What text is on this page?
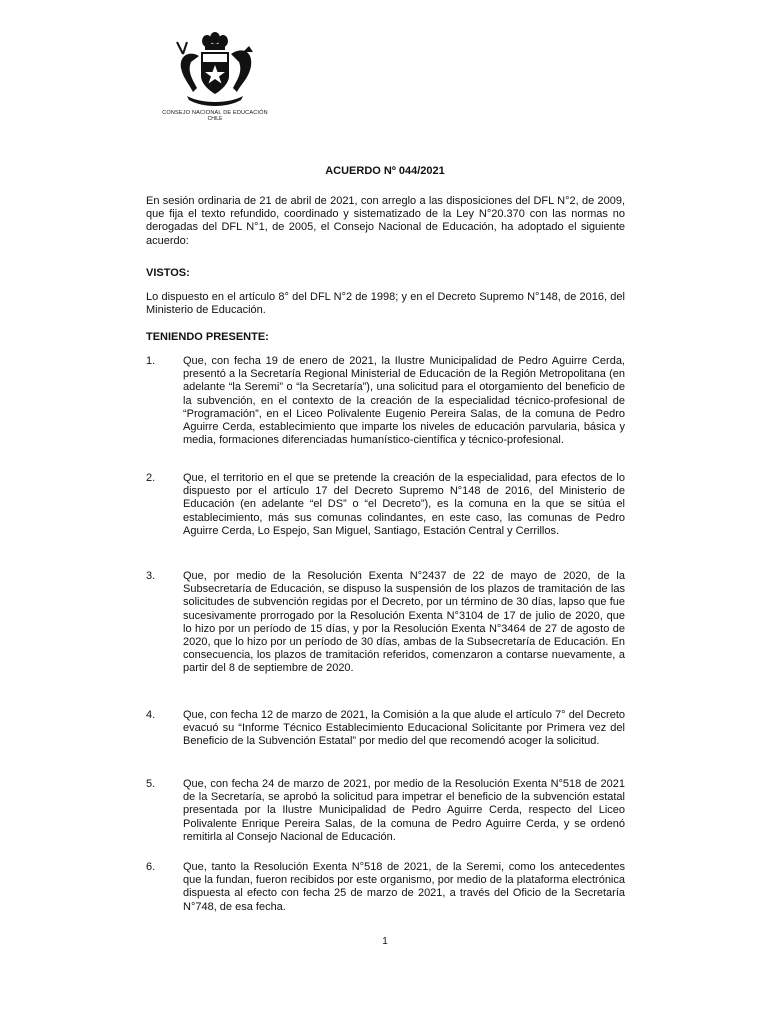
CONSEJO NACIONAL DE EDUCACIÓN
CHILE
ACUERDO Nº 044/2021
En sesión ordinaria de 21 de abril de 2021, con arreglo a las disposiciones del DFL N°2, de 2009, que fija el texto refundido, coordinado y sistematizado de la Ley N°20.370 con las normas no derogadas del DFL N°1, de 2005, el Consejo Nacional de Educación, ha adoptado el siguiente acuerdo:
VISTOS:
Lo dispuesto en el artículo 8° del DFL N°2 de 1998; y en el Decreto Supremo N°148, de 2016, del Ministerio de Educación.
TENIENDO PRESENTE:
1.	Que, con fecha 19 de enero de 2021, la Ilustre Municipalidad de Pedro Aguirre Cerda, presentó a la Secretaría Regional Ministerial de Educación de la Región Metropolitana (en adelante “la Seremi” o “la Secretaría”), una solicitud para el otorgamiento del beneficio de la subvención, en el contexto de la creación de la especialidad técnico-profesional de “Programación”, en el Liceo Polivalente Eugenio Pereira Salas, de la comuna de Pedro Aguirre Cerda, establecimiento que imparte los niveles de educación parvularia, básica y media, formaciones diferenciadas humanístico-científica y técnico-profesional.
2.	Que, el territorio en el que se pretende la creación de la especialidad, para efectos de lo dispuesto por el artículo 17 del Decreto Supremo N°148 de 2016, del Ministerio de Educación (en adelante “el DS” o “el Decreto”), es la comuna en la que se sitúa el establecimiento, más sus comunas colindantes, en este caso, las comunas de Pedro Aguirre Cerda, Lo Espejo, San Miguel, Santiago, Estación Central y Cerrillos.
3.	Que, por medio de la Resolución Exenta N°2437 de 22 de mayo de 2020, de la Subsecretaría de Educación, se dispuso la suspensión de los plazos de tramitación de las solicitudes de subvención regidas por el Decreto, por un término de 30 días, lapso que fue sucesivamente prorrogado por la Resolución Exenta N°3104 de 17 de julio de 2020, que lo hizo por un período de 15 días, y por la Resolución Exenta N°3464 de 27 de agosto de 2020, que lo hizo por un período de 30 días, ambas de la Subsecretaría de Educación. En consecuencia, los plazos de tramitación referidos, comenzaron a contarse nuevamente, a partir del 8 de septiembre de 2020.
4.	Que, con fecha 12 de marzo de 2021, la Comisión a la que alude el artículo 7° del Decreto evacuó su “Informe Técnico Establecimiento Educacional Solicitante por Primera vez del Beneficio de la Subvención Estatal” por medio del que recomendó acoger la solicitud.
5.	Que, con fecha 24 de marzo de 2021, por medio de la Resolución Exenta N°518 de 2021 de la Secretaría, se aprobó la solicitud para impetrar el beneficio de la subvención estatal presentada por la Ilustre Municipalidad de Pedro Aguirre Cerda, respecto del Liceo Polivalente Enrique Pereira Salas, de la comuna de Pedro Aguirre Cerda, y se ordenó remitirla al Consejo Nacional de Educación.
6.	Que, tanto la Resolución Exenta N°518 de 2021, de la Seremi, como los antecedentes que la fundan, fueron recibidos por este organismo, por medio de la plataforma electrónica dispuesta al efecto con fecha 25 de marzo de 2021, a través del Oficio de la Secretaría N°748, de esa fecha.
1
